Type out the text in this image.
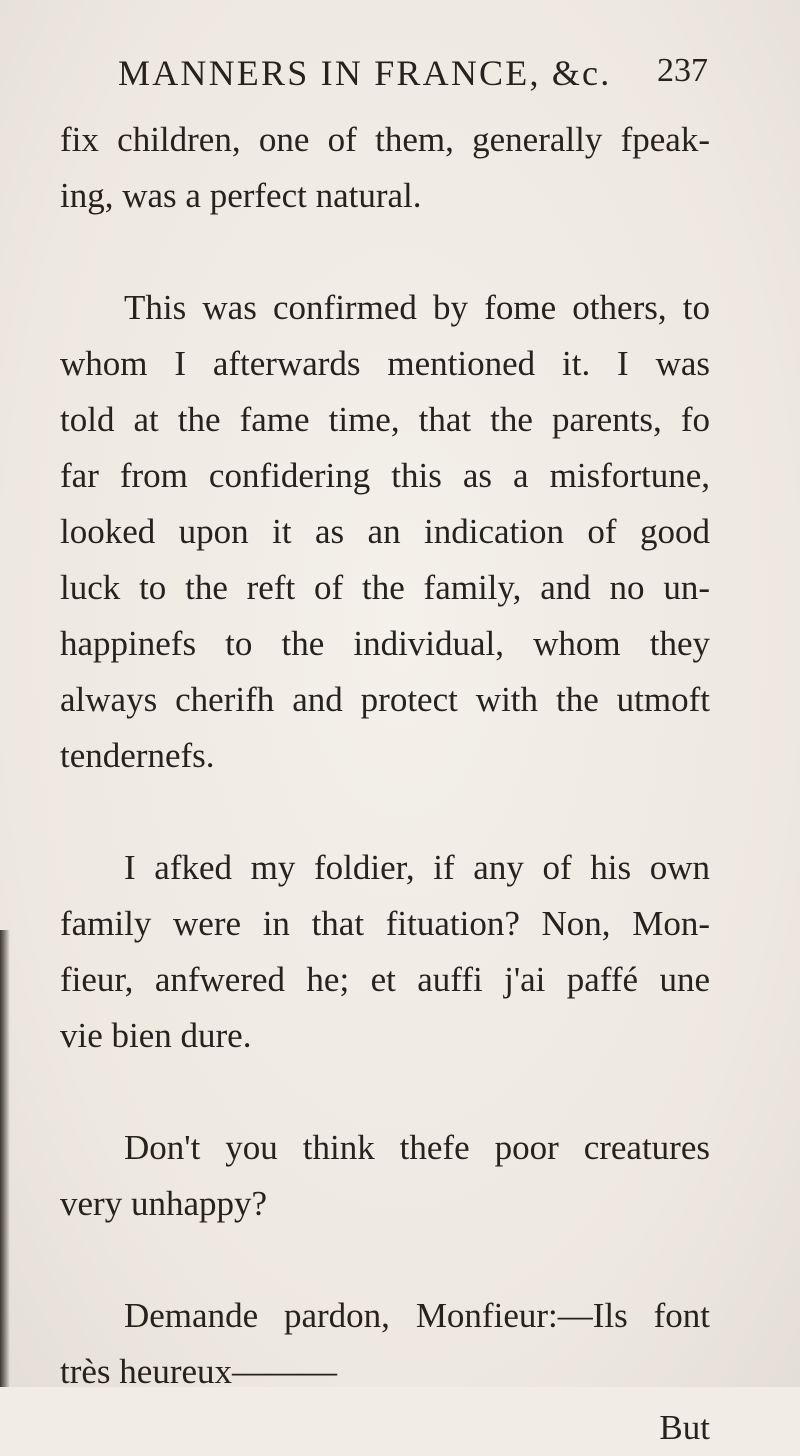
MANNERS IN FRANCE, &c. 237
fix children, one of them, generally fpeak-
ing, was a perfect natural.
This was confirmed by fome others, to
whom I afterwards mentioned it. I was
told at the fame time, that the parents, fo
far from confidering this as a misfortune,
looked upon it as an indication of good
luck to the reft of the family, and no un-
happinefs to the individual, whom they
always cherifh and protect with the utmoft
tendernefs.
I afked my foldier, if any of his own
family were in that fituation? Non, Mon-
fieur, anfwered he; et auffi j'ai paffé une
vie bien dure.
Don't you think thefe poor creatures
very unhappy?
Demande pardon, Monfieur:—Ils font
très heureux———
But
